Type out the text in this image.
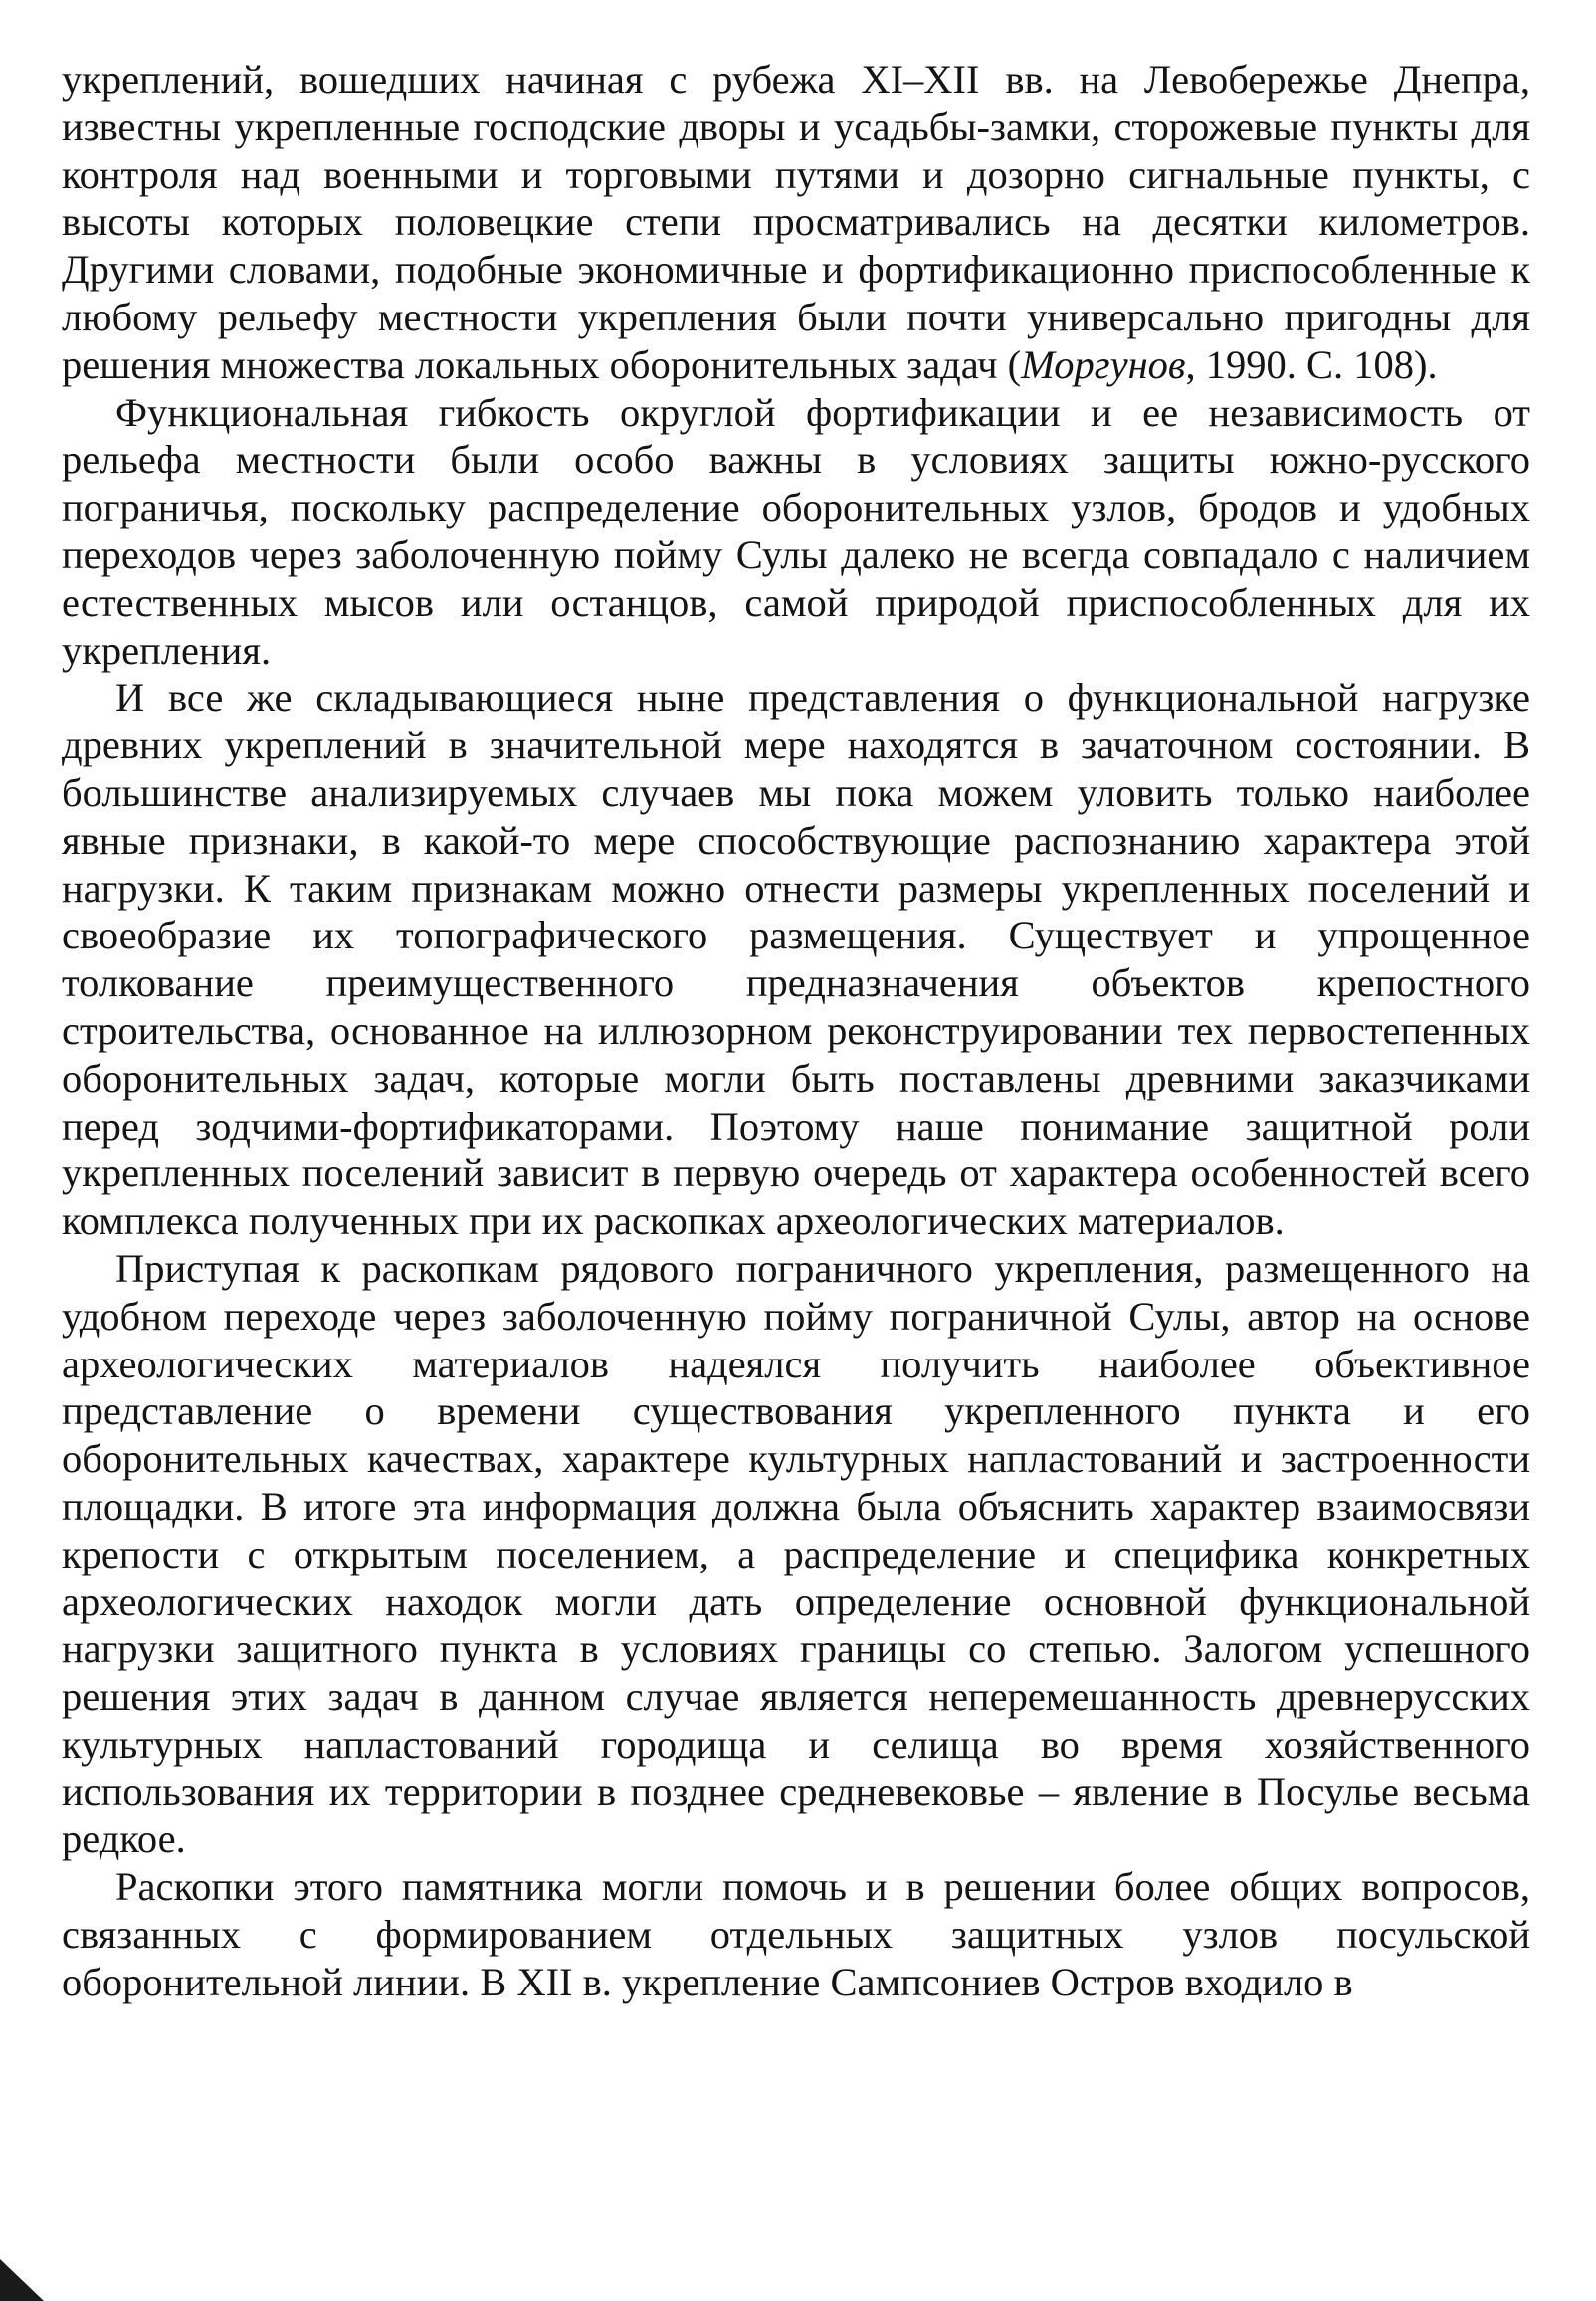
укреплений, вошедших начиная с рубежа XI–XII вв. на Левобережье Днепра, известны укрепленные господские дворы и усадьбы-замки, сторожевые пункты для контроля над военными и торговыми путями и дозорно сигнальные пункты, с высоты которых половецкие степи просматривались на десятки километров. Другими словами, подобные экономичные и фортификационно приспособленные к любому рельефу местности укрепления были почти универсально пригодны для решения множества локальных оборонительных задач (Моргунов, 1990. С. 108).

Функциональная гибкость округлой фортификации и ее независимость от рельефа местности были особо важны в условиях защиты южно-русского пограничья, поскольку распределение оборонительных узлов, бродов и удобных переходов через заболоченную пойму Сулы далеко не всегда совпадало с наличием естественных мысов или останцов, самой природой приспособленных для их укрепления.

И все же складывающиеся ныне представления о функциональной нагрузке древних укреплений в значительной мере находятся в зачаточном состоянии. В большинстве анализируемых случаев мы пока можем уловить только наиболее явные признаки, в какой-то мере способствующие распознанию характера этой нагрузки. К таким признакам можно отнести размеры укрепленных поселений и своеобразие их топографического размещения. Существует и упрощенное толкование преимущественного предназначения объектов крепостного строительства, основанное на иллюзорном реконструировании тех первостепенных оборонительных задач, которые могли быть поставлены древними заказчиками перед зодчими-фортификаторами. Поэтому наше понимание защитной роли укрепленных поселений зависит в первую очередь от характера особенностей всего комплекса полученных при их раскопках археологических материалов.

Приступая к раскопкам рядового пограничного укрепления, размещенного на удобном переходе через заболоченную пойму пограничной Сулы, автор на основе археологических материалов надеялся получить наиболее объективное представление о времени существования укрепленного пункта и его оборонительных качествах, характере культурных напластований и застроенности площадки. В итоге эта информация должна была объяснить характер взаимосвязи крепости с открытым поселением, а распределение и специфика конкретных археологических находок могли дать определение основной функциональной нагрузки защитного пункта в условиях границы со степью. Залогом успешного решения этих задач в данном случае является неперемешанность древнерусских культурных напластований городища и селища во время хозяйственного использования их территории в позднее средневековье – явление в Посулье весьма редкое.

Раскопки этого памятника могли помочь и в решении более общих вопросов, связанных с формированием отдельных защитных узлов посульской оборонительной линии. В XII в. укрепление Сампсониев Остров входило в
